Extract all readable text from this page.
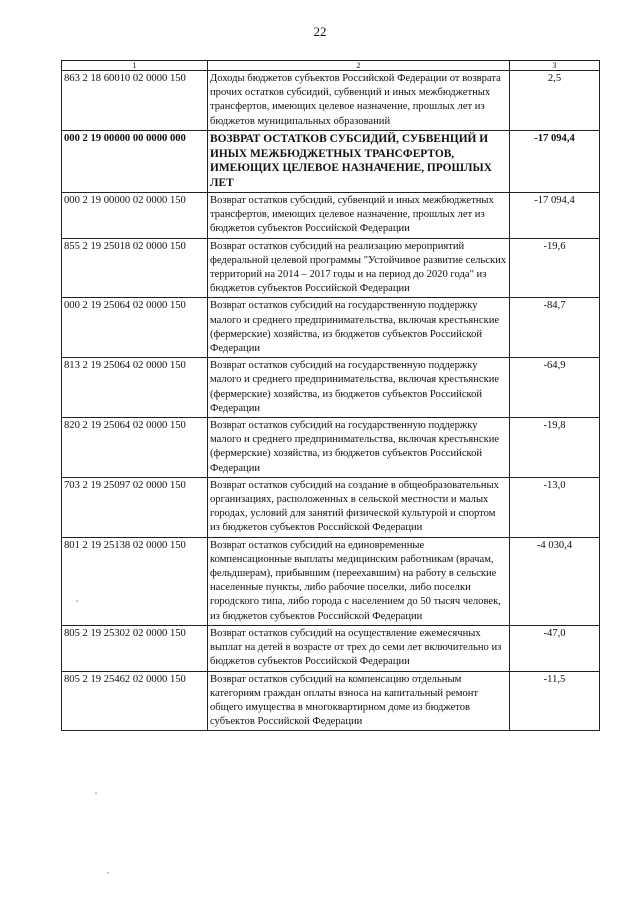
22
1	2	3
863 2 18 60010 02 0000 150	Доходы бюджетов субъектов Российской Федерации от возврата прочих остатков субсидий, субвенций и иных межбюджетных трансфертов, имеющих целевое назначение, прошлых лет из бюджетов муниципальных образований	2,5
000 2 19 00000 00 0000 000	ВОЗВРАТ ОСТАТКОВ СУБСИДИЙ, СУБВЕНЦИЙ И ИНЫХ МЕЖБЮДЖЕТНЫХ ТРАНСФЕРТОВ, ИМЕЮЩИХ ЦЕЛЕВОЕ НАЗНАЧЕНИЕ, ПРОШЛЫХ ЛЕТ	-17 094,4
000 2 19 00000 02 0000 150	Возврат остатков субсидий, субвенций и иных межбюджетных трансфертов, имеющих целевое назначение, прошлых лет из бюджетов субъектов Российской Федерации	-17 094,4
855 2 19 25018 02 0000 150	Возврат остатков субсидий на реализацию мероприятий федеральной целевой программы "Устойчивое развитие сельских территорий на 2014 – 2017 годы и на период до 2020 года" из бюджетов субъектов Российской Федерации	-19,6
000 2 19 25064 02 0000 150	Возврат остатков субсидий на государственную поддержку малого и среднего предпринимательства, включая крестьянские (фермерские) хозяйства, из бюджетов субъектов Российской Федерации	-84,7
813 2 19 25064 02 0000 150	Возврат остатков субсидий на государственную поддержку малого и среднего предпринимательства, включая крестьянские (фермерские) хозяйства, из бюджетов субъектов Российской Федерации	-64,9
820 2 19 25064 02 0000 150	Возврат остатков субсидий на государственную поддержку малого и среднего предпринимательства, включая крестьянские (фермерские) хозяйства, из бюджетов субъектов Российской Федерации	-19,8
703 2 19 25097 02 0000 150	Возврат остатков субсидий на создание в общеобразовательных организациях, расположенных в сельской местности и малых городах, условий для занятий физической культурой и спортом из бюджетов субъектов Российской Федерации	-13,0
801 2 19 25138 02 0000 150	Возврат остатков субсидий на единовременные компенсационные выплаты медицинским работникам (врачам, фельдшерам), прибывшим (переехавшим) на работу в сельские населенные пункты, либо рабочие поселки, либо поселки городского типа, либо города с населением до 50 тысяч человек, из бюджетов субъектов Российской Федерации	-4 030,4
805 2 19 25302 02 0000 150	Возврат остатков субсидий на осуществление ежемесячных выплат на детей в возрасте от трех до семи лет включительно из бюджетов субъектов Российской Федерации	-47,0
805 2 19 25462 02 0000 150	Возврат остатков субсидий на компенсацию отдельным категориям граждан оплаты взноса на капитальный ремонт общего имущества в многоквартирном доме из бюджетов субъектов Российской Федерации	-11,5
